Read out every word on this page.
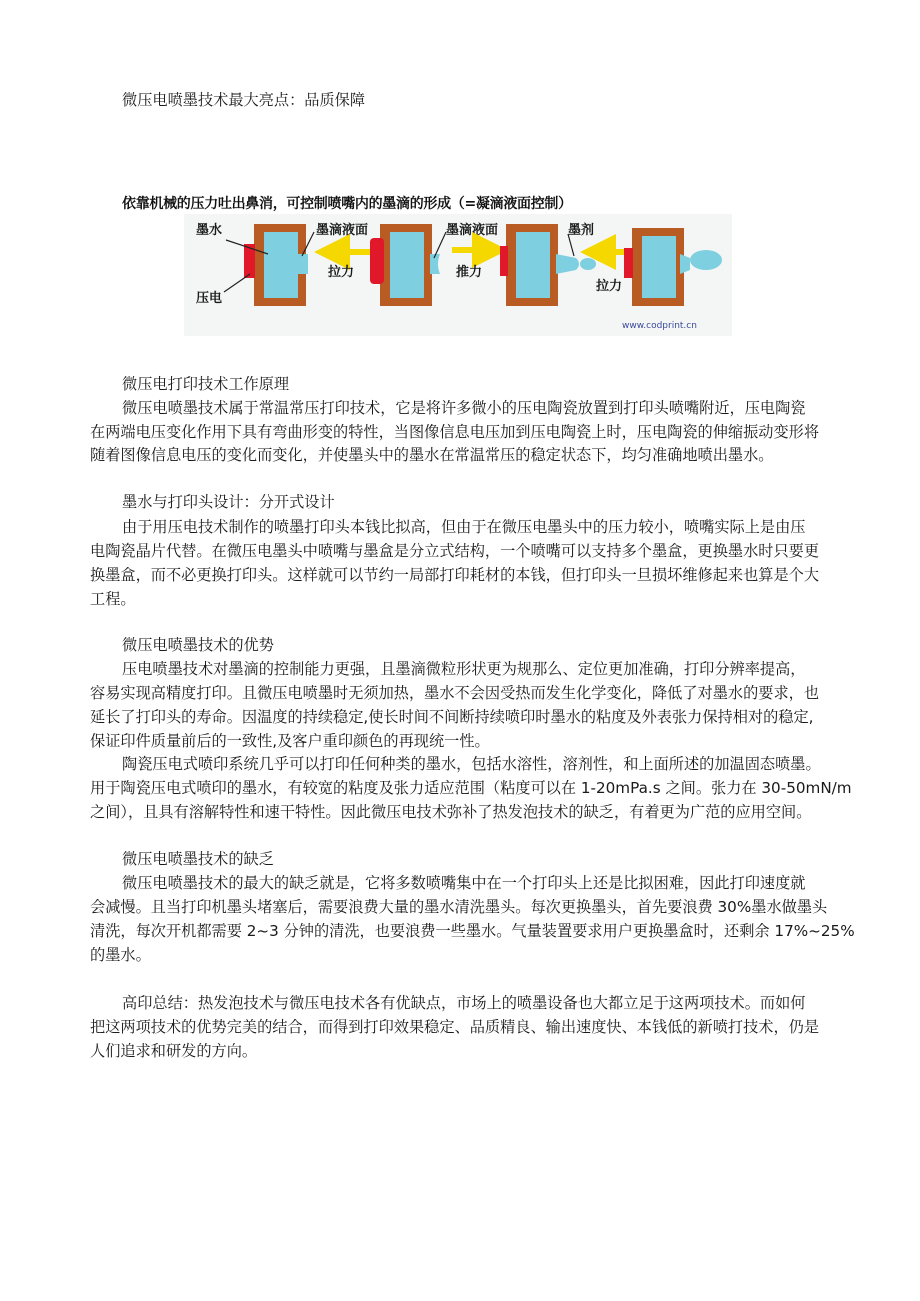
微压电喷墨技术最大亮点：品质保障
依靠机械的压力吐出鼻消，可控制喷嘴内的墨滴的形成（=凝滴液面控制）
墨水
压电
墨滴液面
拉力
墨滴液面
推力
墨剂
拉力
www.codprint.cn
微压电打印技术工作原理
微压电喷墨技术属于常温常压打印技术，它是将许多微小的压电陶瓷放置到打印头喷嘴附近，压电陶瓷
在两端电压变化作用下具有弯曲形变的特性，当图像信息电压加到压电陶瓷上时，压电陶瓷的伸缩振动变形将
随着图像信息电压的变化而变化，并使墨头中的墨水在常温常压的稳定状态下，均匀准确地喷出墨水。
墨水与打印头设计：分开式设计
由于用压电技术制作的喷墨打印头本钱比拟高，但由于在微压电墨头中的压力较小，喷嘴实际上是由压
电陶瓷晶片代替。在微压电墨头中喷嘴与墨盒是分立式结构，一个喷嘴可以支持多个墨盒，更换墨水时只要更
换墨盒，而不必更换打印头。这样就可以节约一局部打印耗材的本钱，但打印头一旦损坏维修起来也算是个大
工程。
微压电喷墨技术的优势
压电喷墨技术对墨滴的控制能力更强，且墨滴微粒形状更为规那么、定位更加准确，打印分辨率提高，
容易实现高精度打印。且微压电喷墨时无须加热，墨水不会因受热而发生化学变化，降低了对墨水的要求，也
延长了打印头的寿命。因温度的持续稳定,使长时间不间断持续喷印时墨水的粘度及外表张力保持相对的稳定,
保证印件质量前后的一致性,及客户重印颜色的再现统一性。
陶瓷压电式喷印系统几乎可以打印任何种类的墨水，包括水溶性，溶剂性，和上面所述的加温固态喷墨。
用于陶瓷压电式喷印的墨水，有较宽的粘度及张力适应范围（粘度可以在 1-20mPa.s 之间。张力在 30-50mN/m
之间），且具有溶解特性和速干特性。因此微压电技术弥补了热发泡技术的缺乏，有着更为广范的应用空间。
微压电喷墨技术的缺乏
微压电喷墨技术的最大的缺乏就是，它将多数喷嘴集中在一个打印头上还是比拟困难，因此打印速度就
会减慢。且当打印机墨头堵塞后，需要浪费大量的墨水清洗墨头。每次更换墨头，首先要浪费 30%墨水做墨头
清洗，每次开机都需要 2~3 分钟的清洗，也要浪费一些墨水。气量装置要求用户更换墨盒时，还剩余 17%~25%
的墨水。
高印总结：热发泡技术与微压电技术各有优缺点，市场上的喷墨设备也大都立足于这两项技术。而如何
把这两项技术的优势完美的结合，而得到打印效果稳定、品质精良、输出速度快、本钱低的新喷打技术，仍是
人们追求和研发的方向。
